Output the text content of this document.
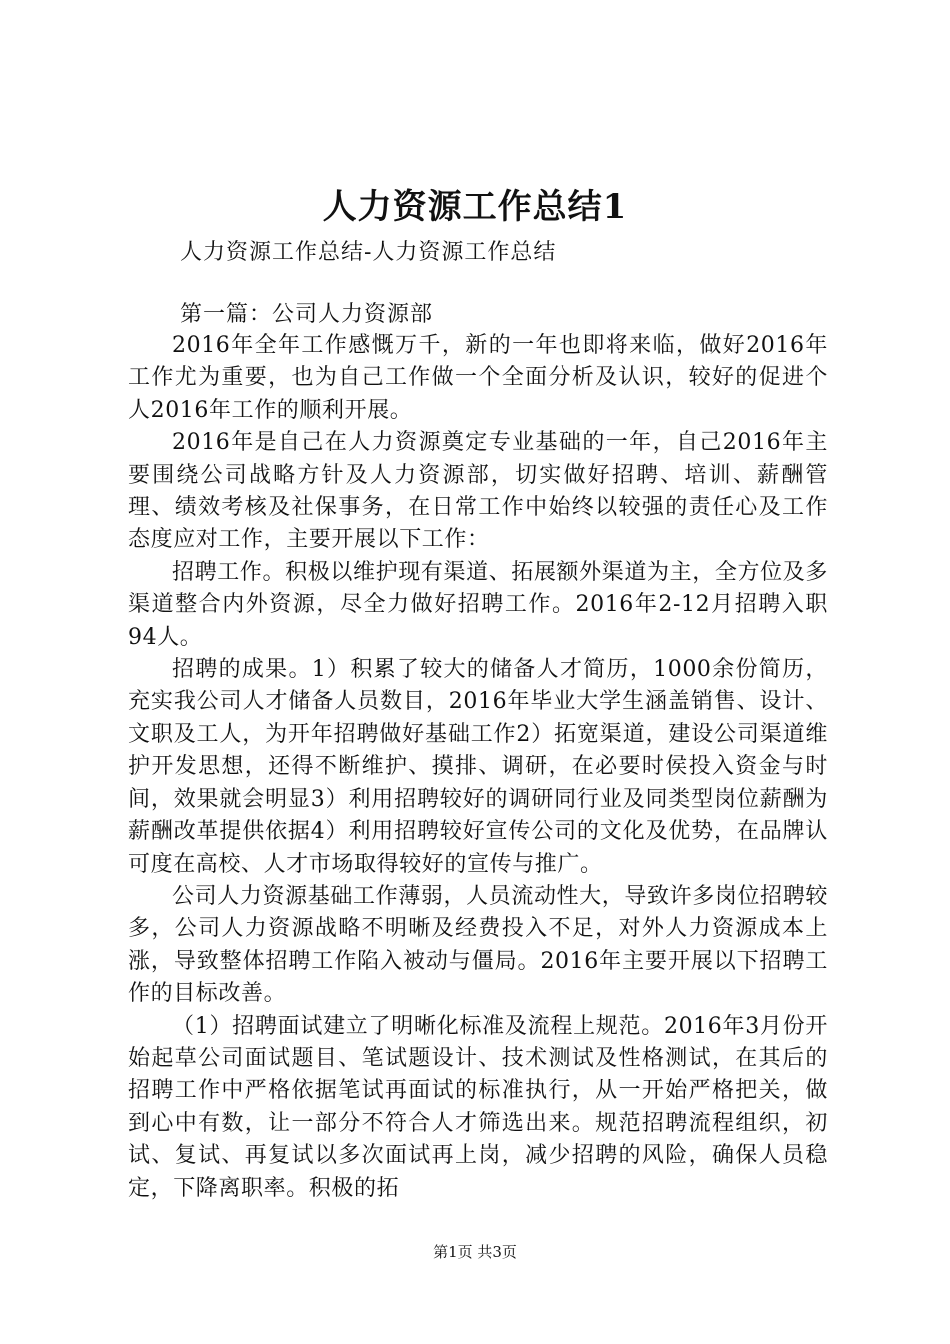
人力资源工作总结1
人力资源工作总结-人力资源工作总结
第一篇：公司人力资源部

2016年全年工作感慨万千，新的一年也即将来临，做好2016年工作尤为重要，也为自己工作做一个全面分析及认识，较好的促进个人2016年工作的顺利开展。

2016年是自己在人力资源奠定专业基础的一年，自己2016年主要围绕公司战略方针及人力资源部，切实做好招聘、培训、薪酬管理、绩效考核及社保事务，在日常工作中始终以较强的责任心及工作态度应对工作，主要开展以下工作：

招聘工作。积极以维护现有渠道、拓展额外渠道为主，全方位及多渠道整合内外资源，尽全力做好招聘工作。2016年2-12月招聘入职94人。

招聘的成果。1）积累了较大的储备人才简历，1000余份简历，充实我公司人才储备人员数目，2016年毕业大学生涵盖销售、设计、文职及工人，为开年招聘做好基础工作2）拓宽渠道，建设公司渠道维护开发思想，还得不断维护、摸排、调研，在必要时侯投入资金与时间，效果就会明显3）利用招聘较好的调研同行业及同类型岗位薪酬为薪酬改革提供依据4）利用招聘较好宣传公司的文化及优势，在品牌认可度在高校、人才市场取得较好的宣传与推广。

公司人力资源基础工作薄弱，人员流动性大，导致许多岗位招聘较多，公司人力资源战略不明晰及经费投入不足，对外人力资源成本上涨，导致整体招聘工作陷入被动与僵局。2016年主要开展以下招聘工作的目标改善。

（1）招聘面试建立了明晰化标准及流程上规范。2016年3月份开始起草公司面试题目、笔试题设计、技术测试及性格测试，在其后的招聘工作中严格依据笔试再面试的标准执行，从一开始严格把关，做到心中有数，让一部分不符合人才筛选出来。规范招聘流程组织，初试、复试、再复试以多次面试再上岗，减少招聘的风险，确保人员稳定，下降离职率。积极的拓

第1页 共3页
